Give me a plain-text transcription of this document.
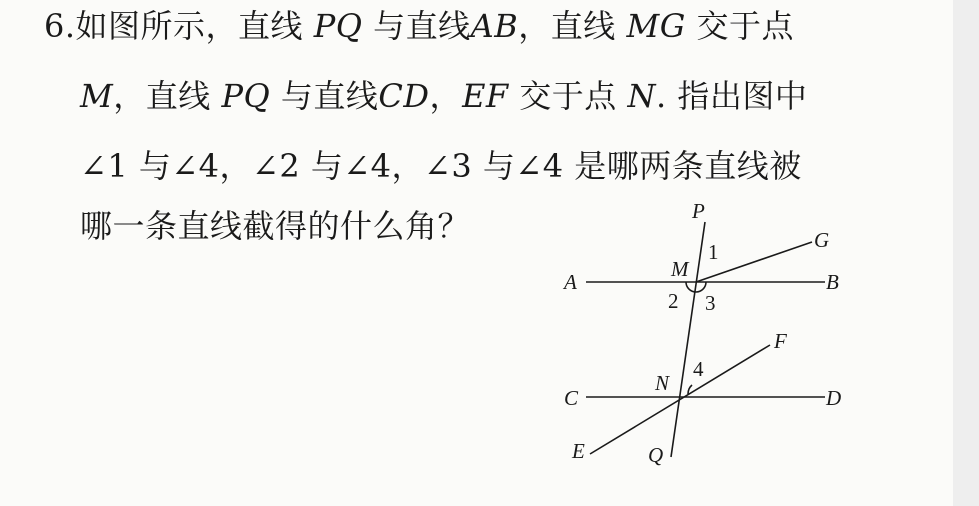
6.如图所示，直线 PQ 与直线AB，直线 MG 交于点
M，直线 PQ 与直线CD，EF 交于点 N. 指出图中
∠1 与∠4，∠2 与∠4，∠3 与∠4 是哪两条直线被
哪一条直线截得的什么角？	P
Q
A	B
C	D
E
F
G
M
N
1
2 3
4
